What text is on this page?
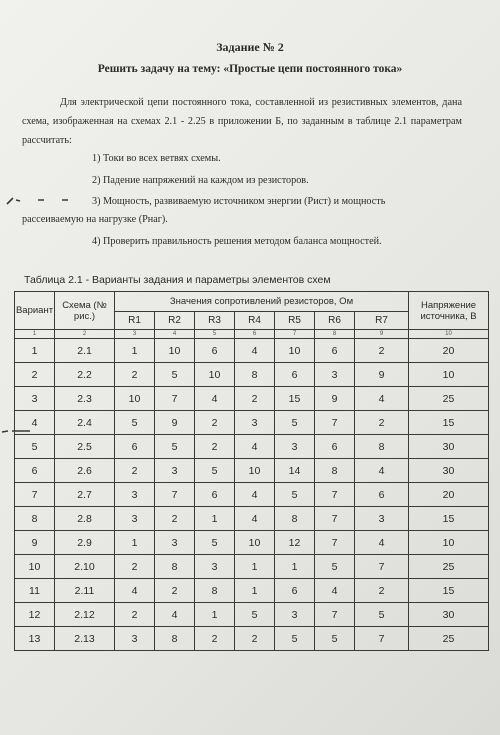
Задание № 2
Решить задачу на тему: «Простые цепи постоянного тока»
Для электрической цепи постоянного тока, составленной из резистивных элементов, дана схема, изображенная на схемах 2.1 - 2.25 в приложении Б, по заданным в таблице 2.1 параметрам рассчитать:
1) Токи во всех ветвях схемы.
2) Падение напряжений на каждом из резисторов.
3) Мощность, развиваемую источником энергии (Pист) и мощность
рассеиваемую на нагрузке (Pнаг).
4) Проверить правильность решения методом баланса мощностей.
Таблица 2.1 - Варианты задания и параметры элементов схем
Вариант	Схема (№ рис.)	Значения сопротивлений резисторов, Ом							Напряжение источника, В
		R1	R2	R3	R4	R5	R6	R7	
1	2	3	4	5	6	7	8	9	10
1	2.1	1	10	6	4	10	6	2	20
2	2.2	2	5	10	8	6	3	9	10
3	2.3	10	7	4	2	15	9	4	25
4	2.4	5	9	2	3	5	7	2	15
5	2.5	6	5	2	4	3	6	8	30
6	2.6	2	3	5	10	14	8	4	30
7	2.7	3	7	6	4	5	7	6	20
8	2.8	3	2	1	4	8	7	3	15
9	2.9	1	3	5	10	12	7	4	10
10	2.10	2	8	3	1	1	5	7	25
11	2.11	4	2	8	1	6	4	2	15
12	2.12	2	4	1	5	3	7	5	30
13	2.13	3	8	2	2	5	5	7	25
